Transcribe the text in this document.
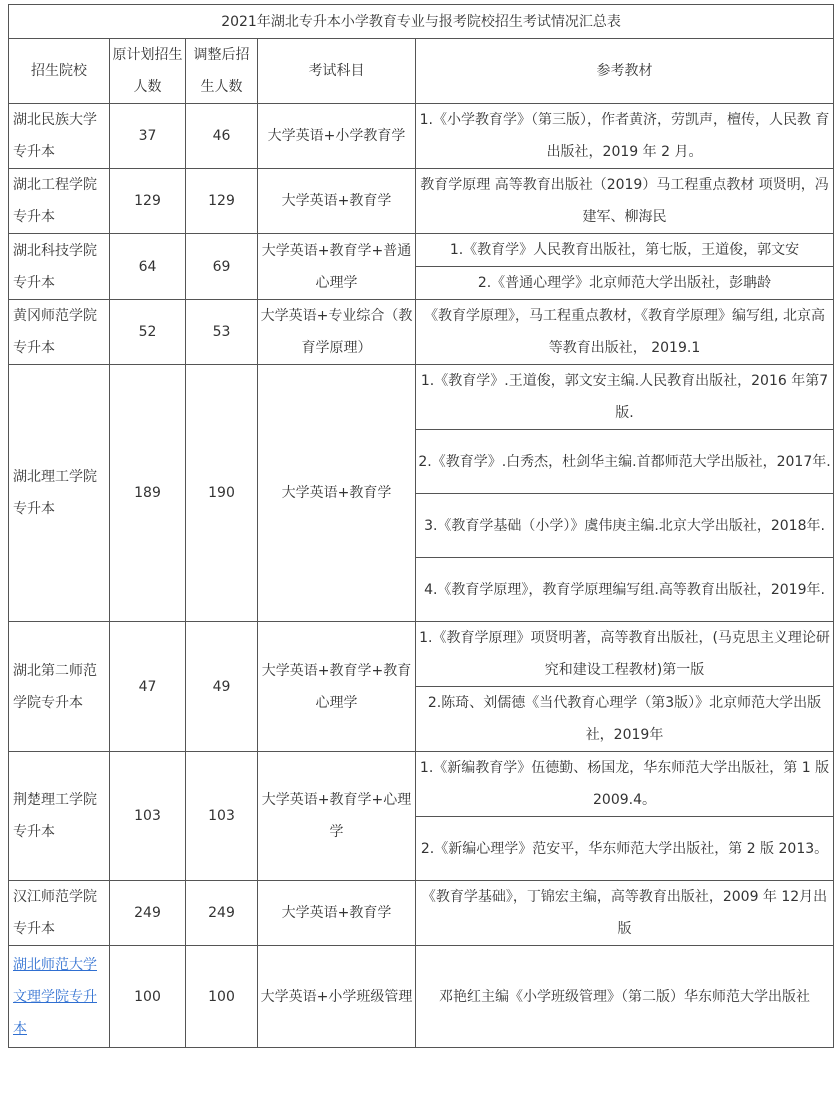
2021年湖北专升本小学教育专业与报考院校招生考试情况汇总表				
招生院校	原计划招生人数	调整后招生人数	考试科目	参考教材
湖北民族大学专升本	37	46	大学英语+小学教育学	1.《小学教育学》（第三版），作者黄济，劳凯声，檀传，人民教 育出版社，2019 年 2 月。
湖北工程学院专升本	129	129	大学英语+教育学	教育学原理 高等教育出版社（2019）马工程重点教材 项贤明，冯建军、柳海民
湖北科技学院专升本	64	69	大学英语+教育学+普通心理学	1.《教育学》人民教育出版社，第七版，王道俊，郭文安
				2.《普通心理学》北京师范大学出版社，彭聃龄
黄冈师范学院专升本	52	53	大学英语+专业综合（教育学原理）	《教育学原理》，马工程重点教材，《教育学原理》编写组, 北京高等教育出版社， 2019.1
湖北理工学院专升本	189	190	大学英语+教育学	1.《教育学》.王道俊，郭文安主编.人民教育出版社，2016 年第7版.
				2.《教育学》.白秀杰，杜剑华主编.首都师范大学出版社，2017年.
				3.《教育学基础（小学）》虞伟庚主编.北京大学出版社，2018年.
				4.《教育学原理》，教育学原理编写组.高等教育出版社，2019年.
湖北第二师范学院专升本	47	49	大学英语+教育学+教育心理学	1.《教育学原理》项贤明著，高等教育出版社，(马克思主义理论研究和建设工程教材)第一版
				2.陈琦、刘儒德《当代教育心理学（第3版）》北京师范大学出版社，2019年
荆楚理工学院专升本	103	103	大学英语+教育学+心理学	1.《新编教育学》伍德勤、杨国龙，华东师范大学出版社，第 1 版2009.4。
				2.《新编心理学》范安平，华东师范大学出版社，第 2 版 2013。
汉江师范学院专升本	249	249	大学英语+教育学	《教育学基础》，丁锦宏主编，高等教育出版社，2009 年 12月出版
湖北师范大学文理学院专升本	100	100	大学英语+小学班级管理	邓艳红主编《小学班级管理》（第二版）华东师范大学出版社
